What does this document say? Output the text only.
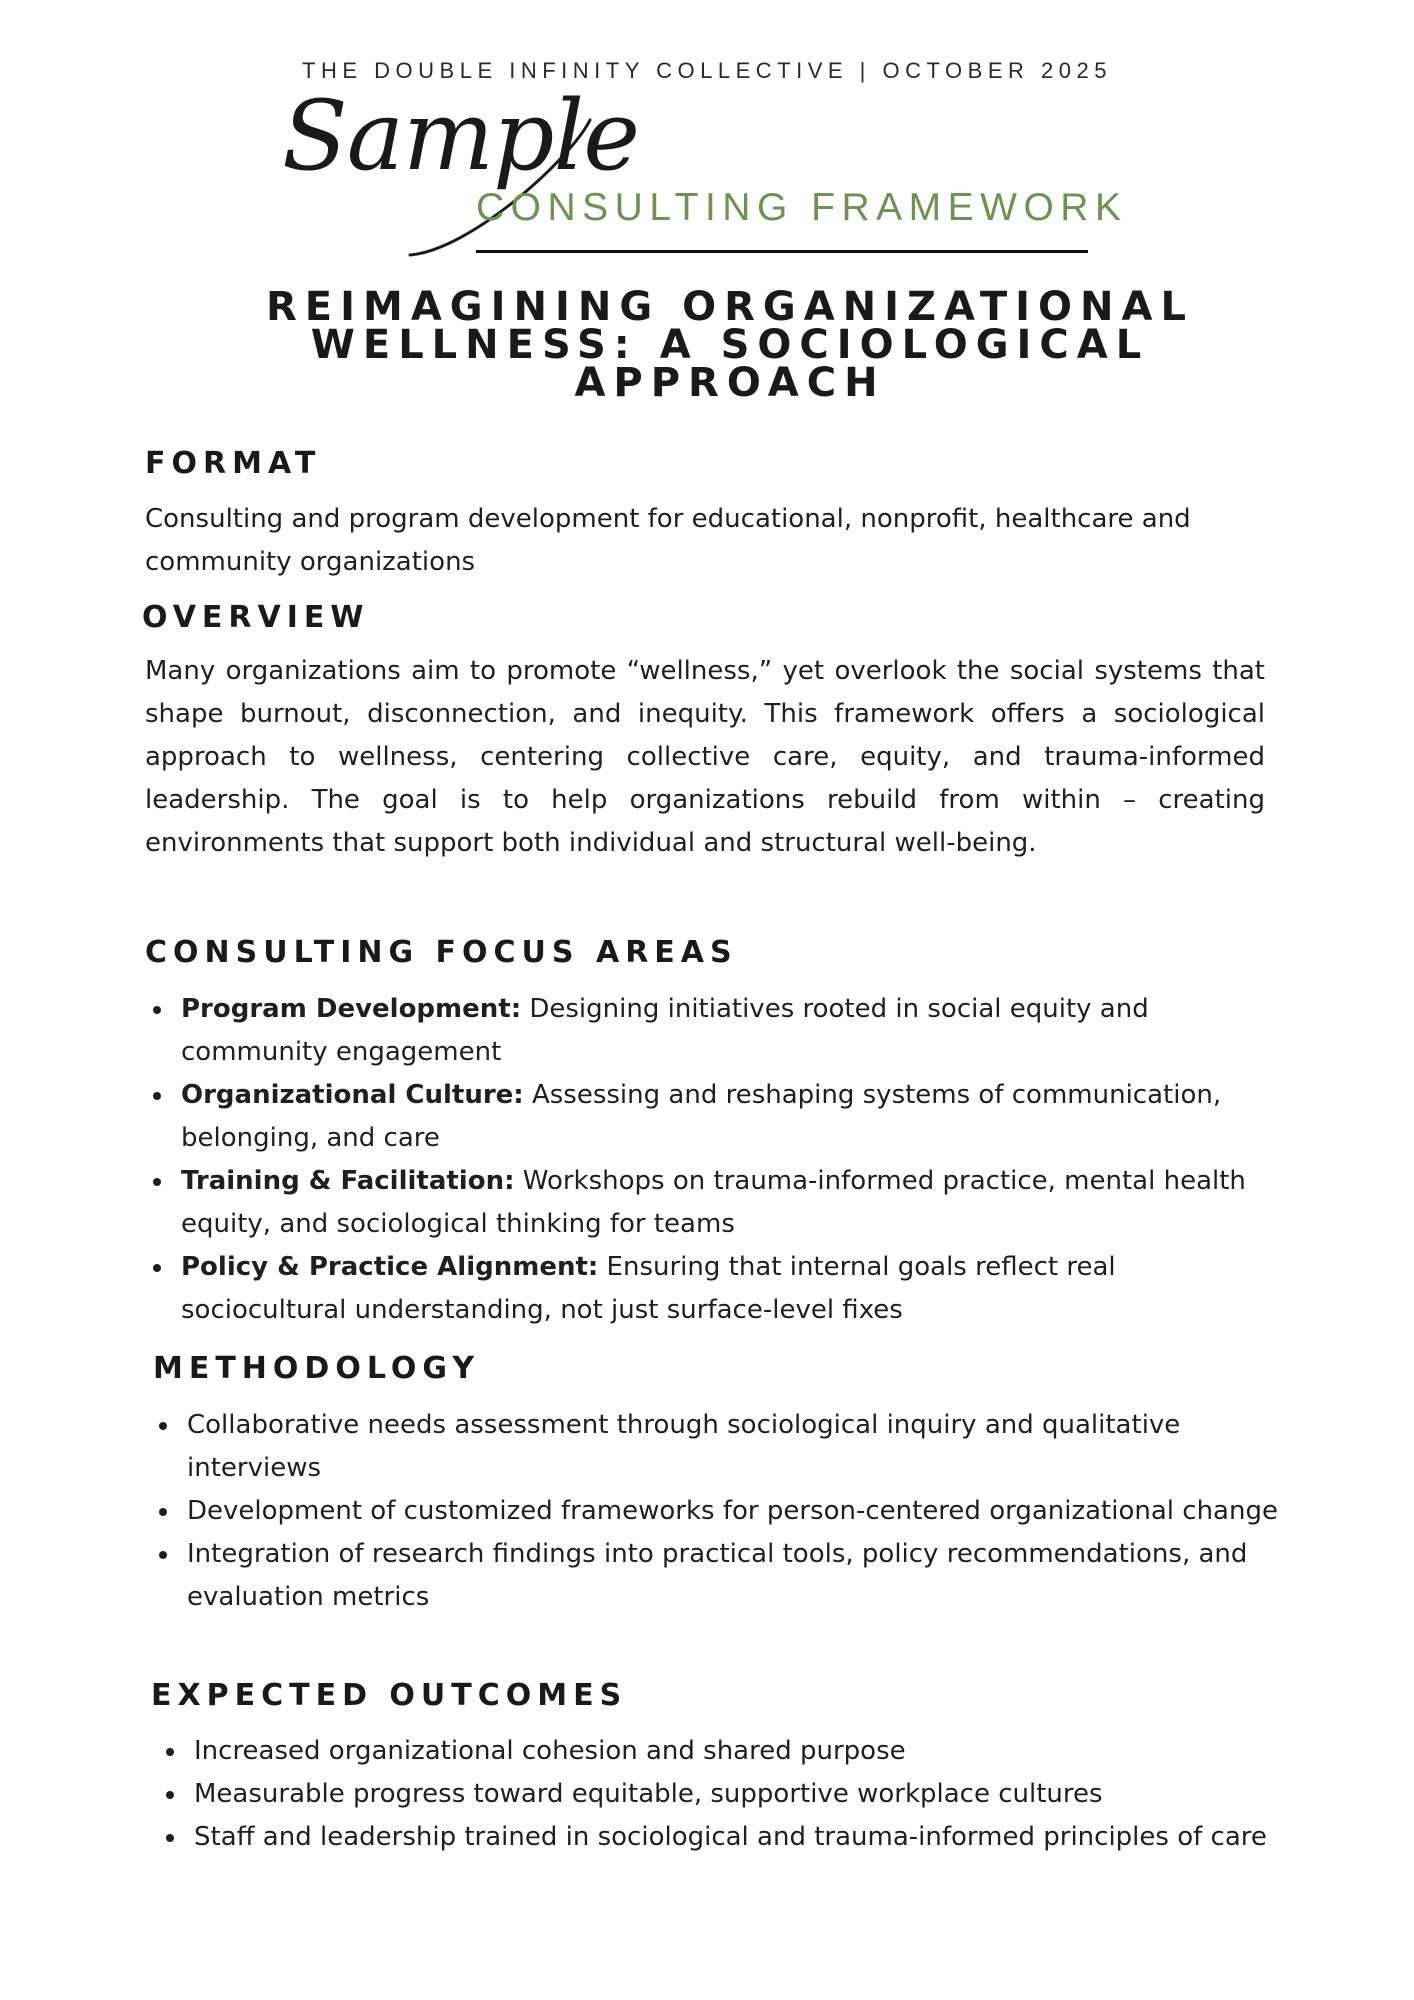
THE DOUBLE INFINITY COLLECTIVE | OCTOBER 2025
Sample
CONSULTING FRAMEWORK
REIMAGINING ORGANIZATIONAL WELLNESS: A SOCIOLOGICAL APPROACH
FORMAT
Consulting and program development for educational, nonprofit, healthcare and community organizations
OVERVIEW
Many organizations aim to promote “wellness,” yet overlook the social systems that shape burnout, disconnection, and inequity. This framework offers a sociological approach to wellness, centering collective care, equity, and trauma-informed leadership. The goal is to help organizations rebuild from within – creating environments that support both individual and structural well-being.
CONSULTING FOCUS AREAS
Program Development: Designing initiatives rooted in social equity and community engagement
Organizational Culture: Assessing and reshaping systems of communication, belonging, and care
Training & Facilitation: Workshops on trauma-informed practice, mental health equity, and sociological thinking for teams
Policy & Practice Alignment: Ensuring that internal goals reflect real sociocultural understanding, not just surface-level fixes
METHODOLOGY
Collaborative needs assessment through sociological inquiry and qualitative interviews
Development of customized frameworks for person-centered organizational change
Integration of research findings into practical tools, policy recommendations, and evaluation metrics
EXPECTED OUTCOMES
Increased organizational cohesion and shared purpose
Measurable progress toward equitable, supportive workplace cultures
Staff and leadership trained in sociological and trauma-informed principles of care
